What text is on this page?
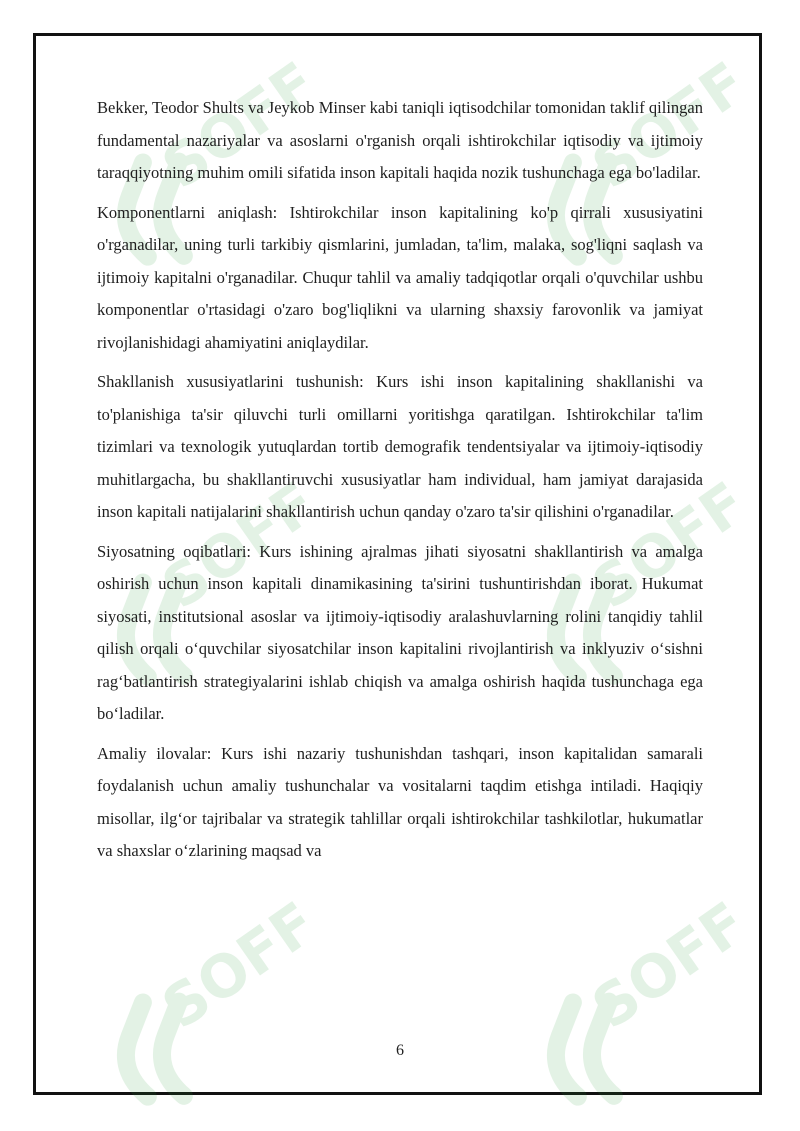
SOFF	SOFF
SOFF	SOFF
SOFF	SOFF

Bekker, Teodor Shults va Jeykob Minser kabi taniqli iqtisodchilar tomonidan taklif qilingan fundamental nazariyalar va asoslarni o'rganish orqali ishtirokchilar iqtisodiy va ijtimoiy taraqqiyotning muhim omili sifatida inson kapitali haqida nozik tushunchaga ega bo'ladilar.

Komponentlarni aniqlash: Ishtirokchilar inson kapitalining ko'p qirrali xususiyatini o'rganadilar, uning turli tarkibiy qismlarini, jumladan, ta'lim, malaka, sog'liqni saqlash va ijtimoiy kapitalni o'rganadilar. Chuqur tahlil va amaliy tadqiqotlar orqali o'quvchilar ushbu komponentlar o'rtasidagi o'zaro bog'liqlikni va ularning shaxsiy farovonlik va jamiyat rivojlanishidagi ahamiyatini aniqlaydilar.

Shakllanish xususiyatlarini tushunish: Kurs ishi inson kapitalining shakllanishi va to'planishiga ta'sir qiluvchi turli omillarni yoritishga qaratilgan. Ishtirokchilar ta'lim tizimlari va texnologik yutuqlardan tortib demografik tendentsiyalar va ijtimoiy-iqtisodiy muhitlargacha, bu shakllantiruvchi xususiyatlar ham individual, ham jamiyat darajasida inson kapitali natijalarini shakllantirish uchun qanday o'zaro ta'sir qilishini o'rganadilar.

Siyosatning oqibatlari: Kurs ishining ajralmas jihati siyosatni shakllantirish va amalga oshirish uchun inson kapitali dinamikasining ta'sirini tushuntirishdan iborat. Hukumat siyosati, institutsional asoslar va ijtimoiy-iqtisodiy aralashuvlarning rolini tanqidiy tahlil qilish orqali o‘quvchilar siyosatchilar inson kapitalini rivojlantirish va inklyuziv o‘sishni rag‘batlantirish strategiyalarini ishlab chiqish va amalga oshirish haqida tushunchaga ega bo‘ladilar.

Amaliy ilovalar: Kurs ishi nazariy tushunishdan tashqari, inson kapitalidan samarali foydalanish uchun amaliy tushunchalar va vositalarni taqdim etishga intiladi. Haqiqiy misollar, ilg‘or tajribalar va strategik tahlillar orqali ishtirokchilar tashkilotlar, hukumatlar va shaxslar o‘zlarining maqsad va

6
